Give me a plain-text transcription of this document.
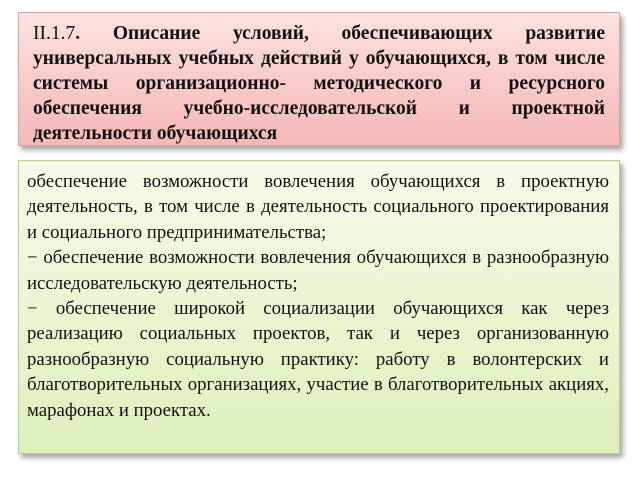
II.1.7. Описание условий, обеспечивающих развитие универсальных учебных действий у обучающихся, в том числе системы организационно- методического и ресурсного обеспечения учебно-исследовательской и проектной деятельности обучающихся

обеспечение возможности вовлечения обучающихся в проектную деятельность, в том числе в деятельность социального проектирования и социального предпринимательства;

− обеспечение возможности вовлечения обучающихся в разнообразную исследовательскую деятельность;

− обеспечение широкой социализации обучающихся как через реализацию социальных проектов, так и через организованную разнообразную социальную практику: работу в волонтерских и благотворительных организациях, участие в благотворительных акциях, марафонах и проектах.
